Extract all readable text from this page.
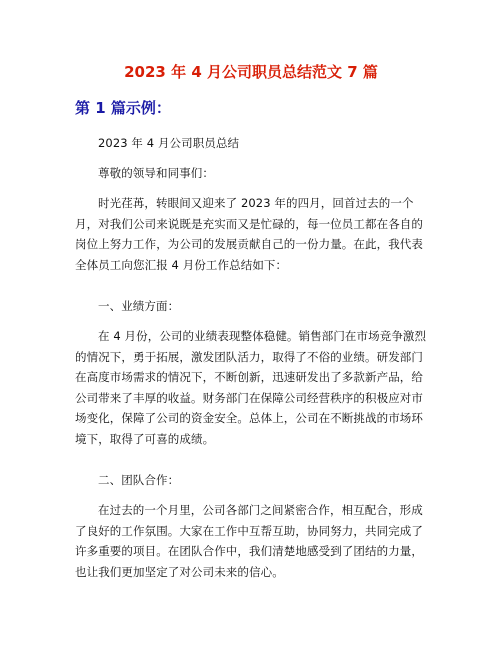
2023 年 4 月公司职员总结范文 7 篇
第 1 篇示例：

2023 年 4 月公司职员总结

尊敬的领导和同事们：

时光荏苒，转眼间又迎来了 2023 年的四月，回首过去的一个月，对我们公司来说既是充实而又是忙碌的，每一位员工都在各自的岗位上努力工作，为公司的发展贡献自己的一份力量。在此，我代表全体员工向您汇报 4 月份工作总结如下：

一、业绩方面：

在 4 月份，公司的业绩表现整体稳健。销售部门在市场竞争激烈的情况下，勇于拓展，激发团队活力，取得了不俗的业绩。研发部门在高度市场需求的情况下，不断创新，迅速研发出了多款新产品，给公司带来了丰厚的收益。财务部门在保障公司经营秩序的积极应对市场变化，保障了公司的资金安全。总体上，公司在不断挑战的市场环境下，取得了可喜的成绩。

二、团队合作：

在过去的一个月里，公司各部门之间紧密合作，相互配合，形成了良好的工作氛围。大家在工作中互帮互助，协同努力，共同完成了许多重要的项目。在团队合作中，我们清楚地感受到了团结的力量，也让我们更加坚定了对公司未来的信心。
